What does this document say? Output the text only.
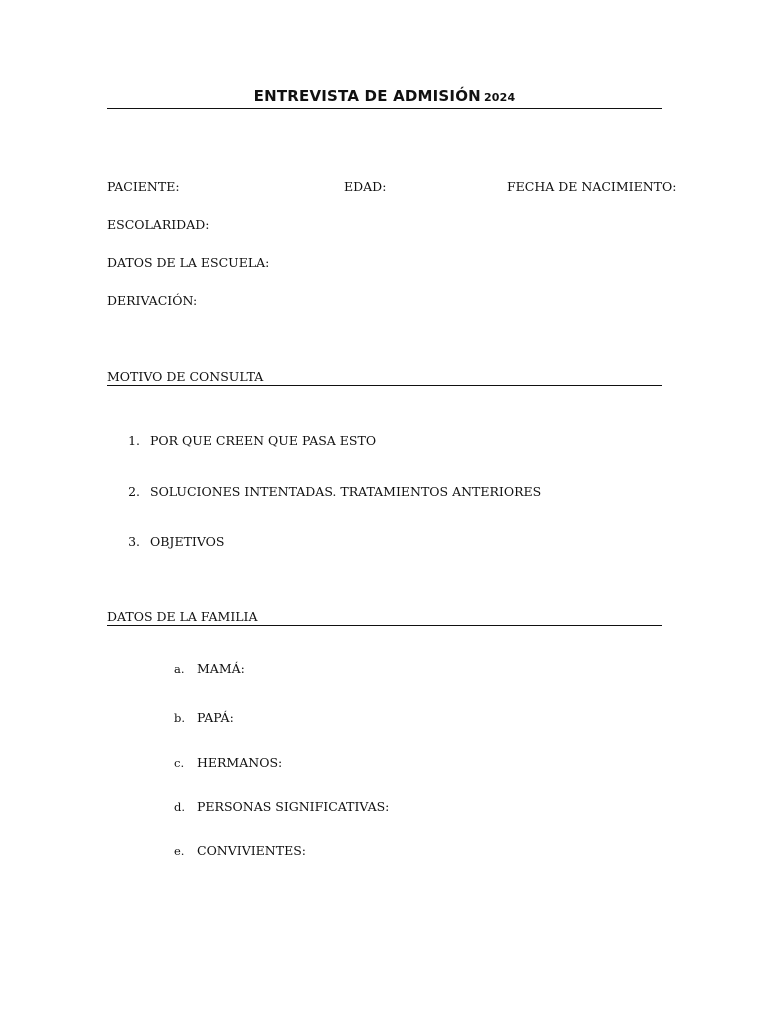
ENTREVISTA DE ADMISIÓN 2024
PACIENTE:	EDAD:	FECHA DE NACIMIENTO:
ESCOLARIDAD:
DATOS DE LA ESCUELA:
DERIVACIÓN:
MOTIVO DE CONSULTA
1. POR QUE CREEN QUE PASA ESTO
2. SOLUCIONES INTENTADAS. TRATAMIENTOS ANTERIORES
3. OBJETIVOS
DATOS DE LA FAMILIA
a. MAMÁ:
b. PAPÁ:
c. HERMANOS:
d. PERSONAS SIGNIFICATIVAS:
e. CONVIVIENTES:
